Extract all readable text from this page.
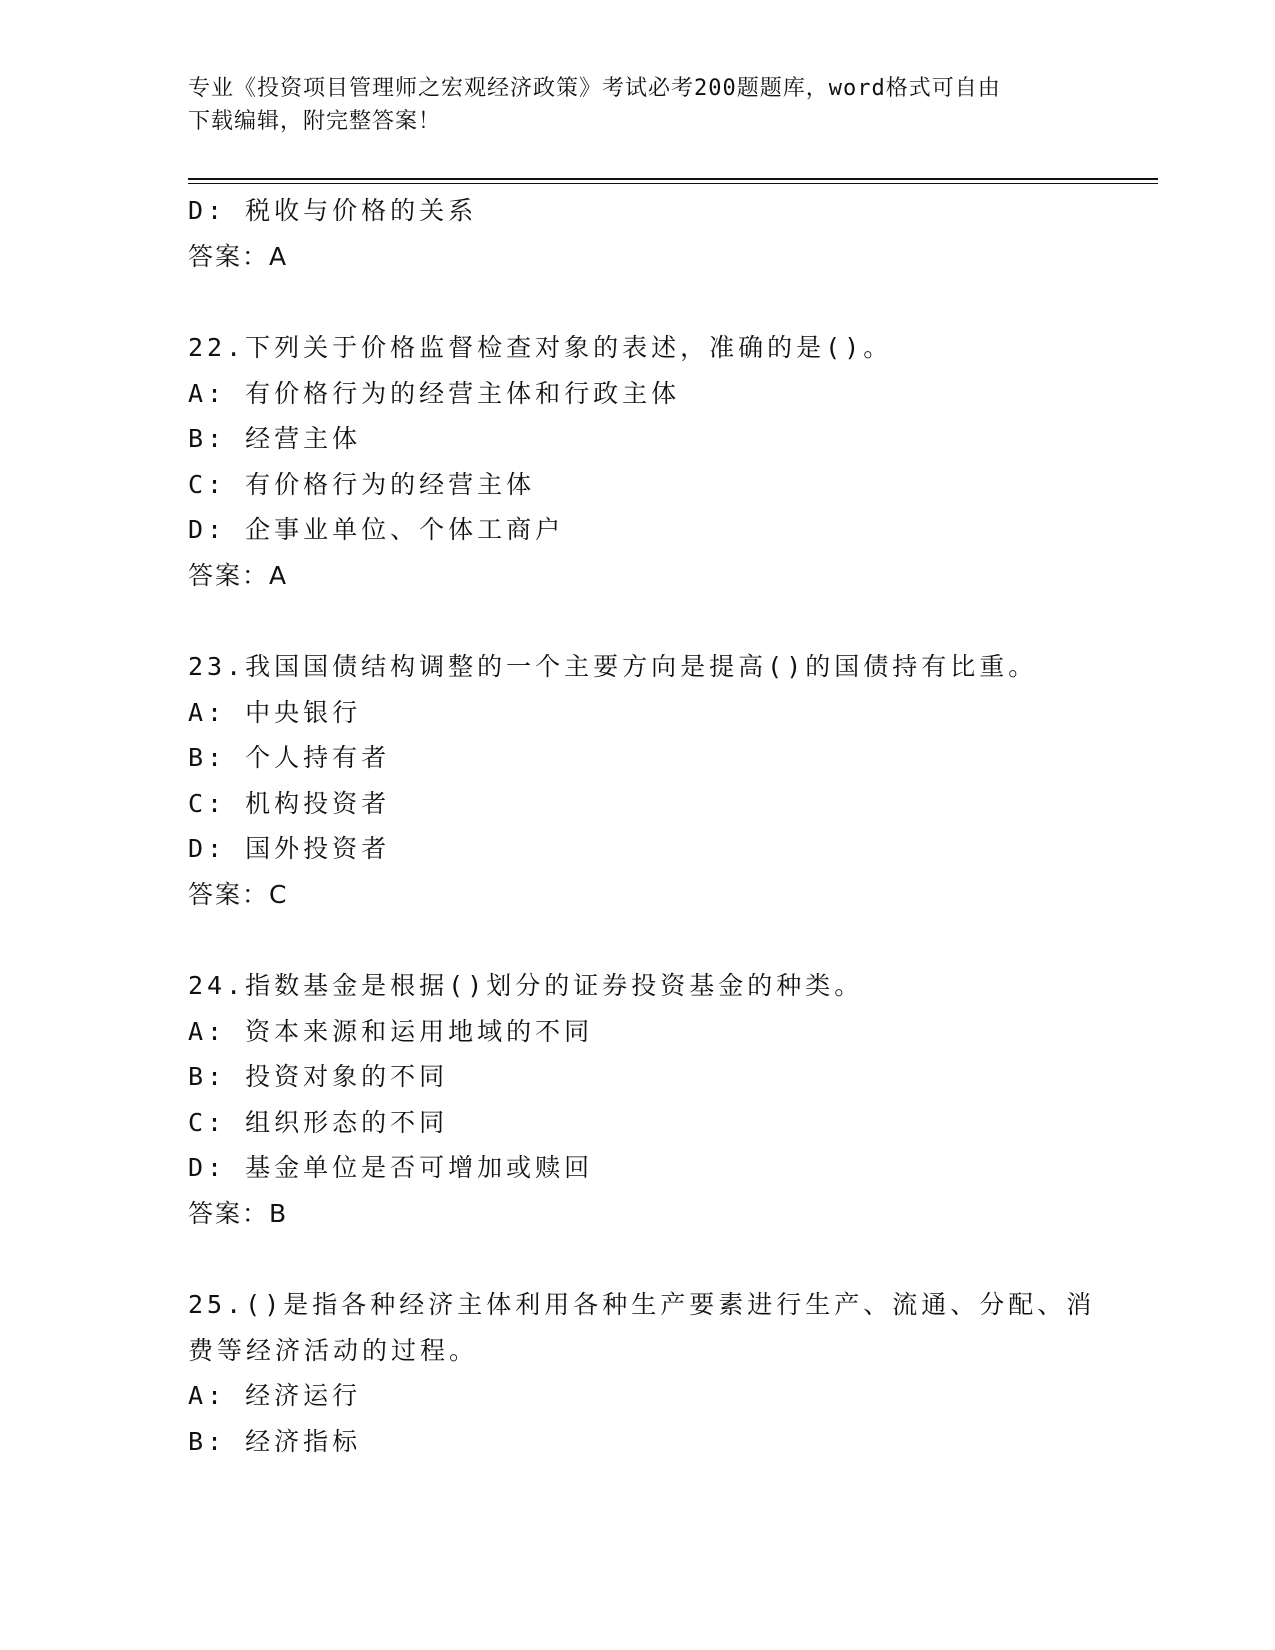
专业《投资项目管理师之宏观经济政策》考试必考200题题库，word格式可自由
下载编辑，附完整答案！
D: 税收与价格的关系
答案：A
22.下列关于价格监督检查对象的表述，准确的是()。
A: 有价格行为的经营主体和行政主体
B: 经营主体
C: 有价格行为的经营主体
D: 企事业单位、个体工商户
答案：A
23.我国国债结构调整的一个主要方向是提高()的国债持有比重。
A: 中央银行
B: 个人持有者
C: 机构投资者
D: 国外投资者
答案：C
24.指数基金是根据()划分的证券投资基金的种类。
A: 资本来源和运用地域的不同
B: 投资对象的不同
C: 组织形态的不同
D: 基金单位是否可增加或赎回
答案：B
25.()是指各种经济主体利用各种生产要素进行生产、流通、分配、消
费等经济活动的过程。
A: 经济运行
B: 经济指标
